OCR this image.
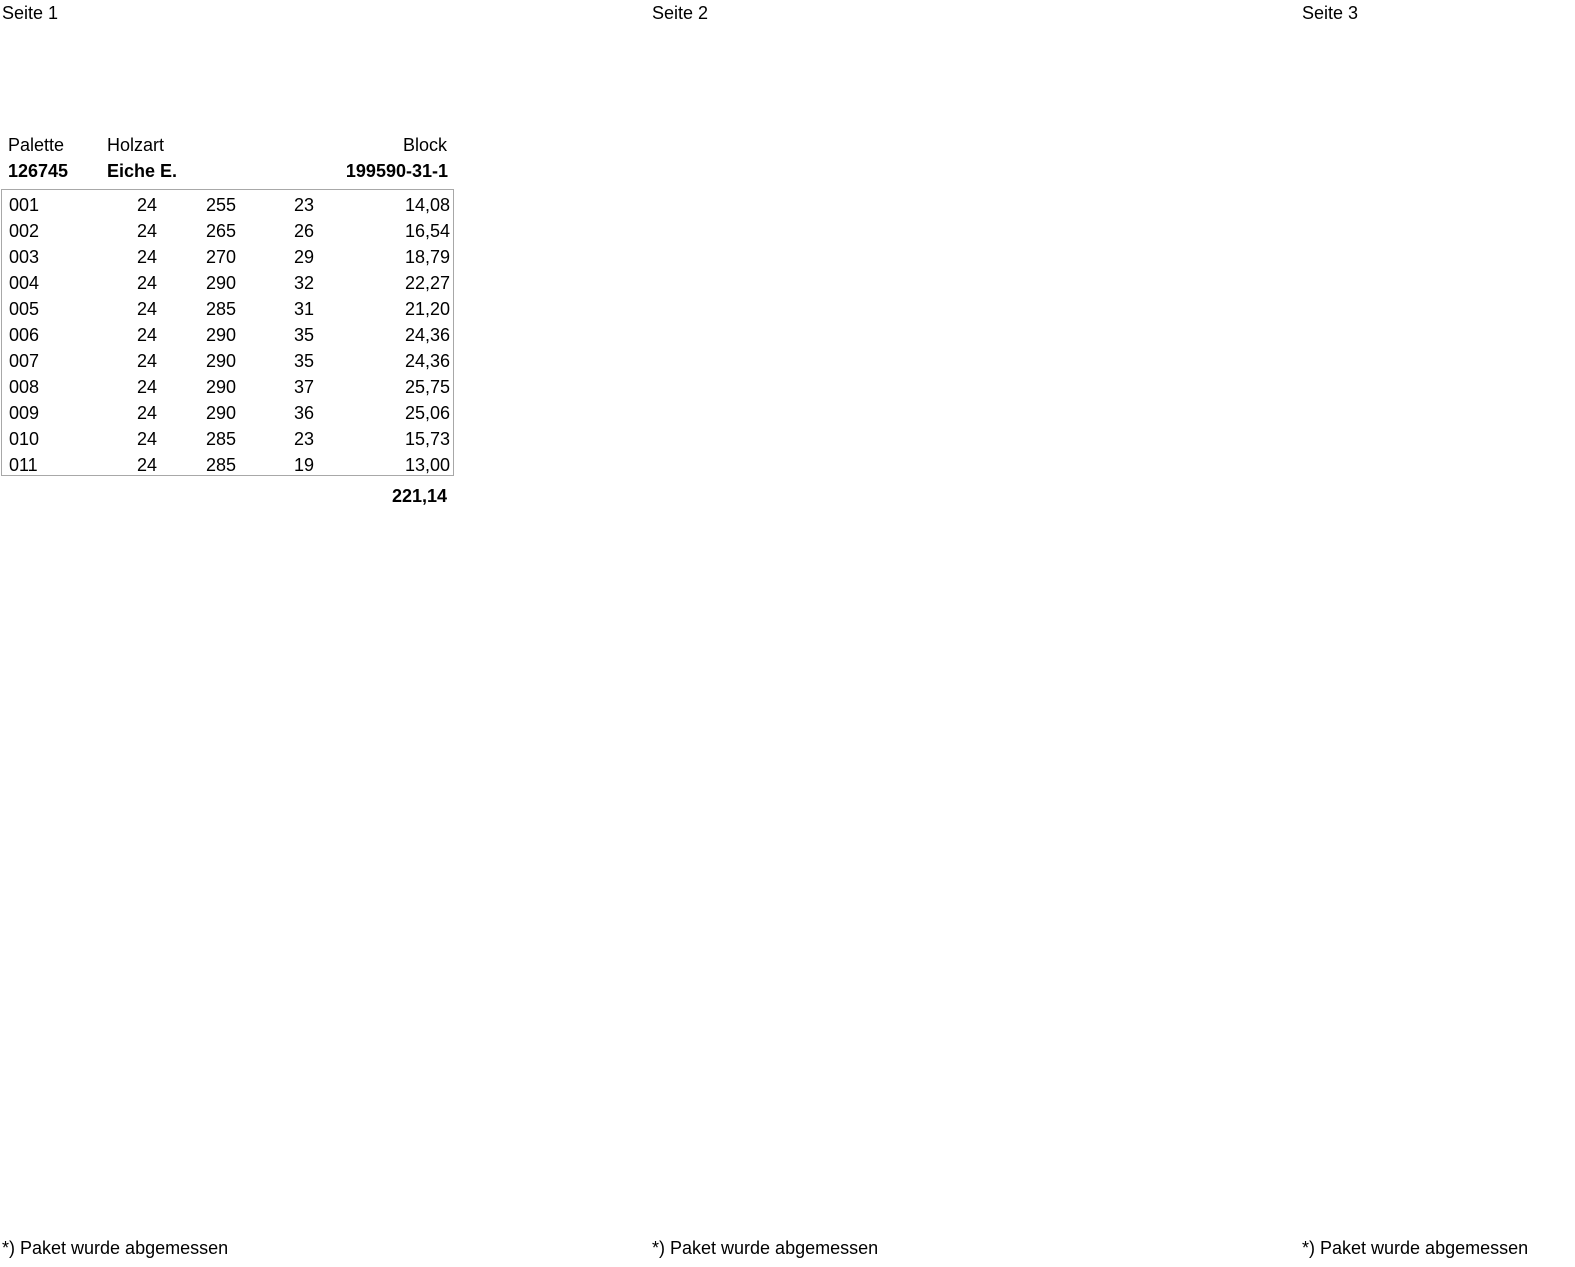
Seite 1	Seite 2	Seite 3
Palette Holzart	Block
126745 Eiche E.	199590-31-1
001	24	255	23	14,08
002	24	265	26	16,54
003	24	270	29	18,79
004	24	290	32	22,27
005	24	285	31	21,20
006	24	290	35	24,36
007	24	290	35	24,36
008	24	290	37	25,75
009	24	290	36	25,06
010	24	285	23	15,73
011	24	285	19	13,00
221,14
*) Paket wurde abgemessen	*) Paket wurde abgemessen	*) Paket wurde abgemessen
